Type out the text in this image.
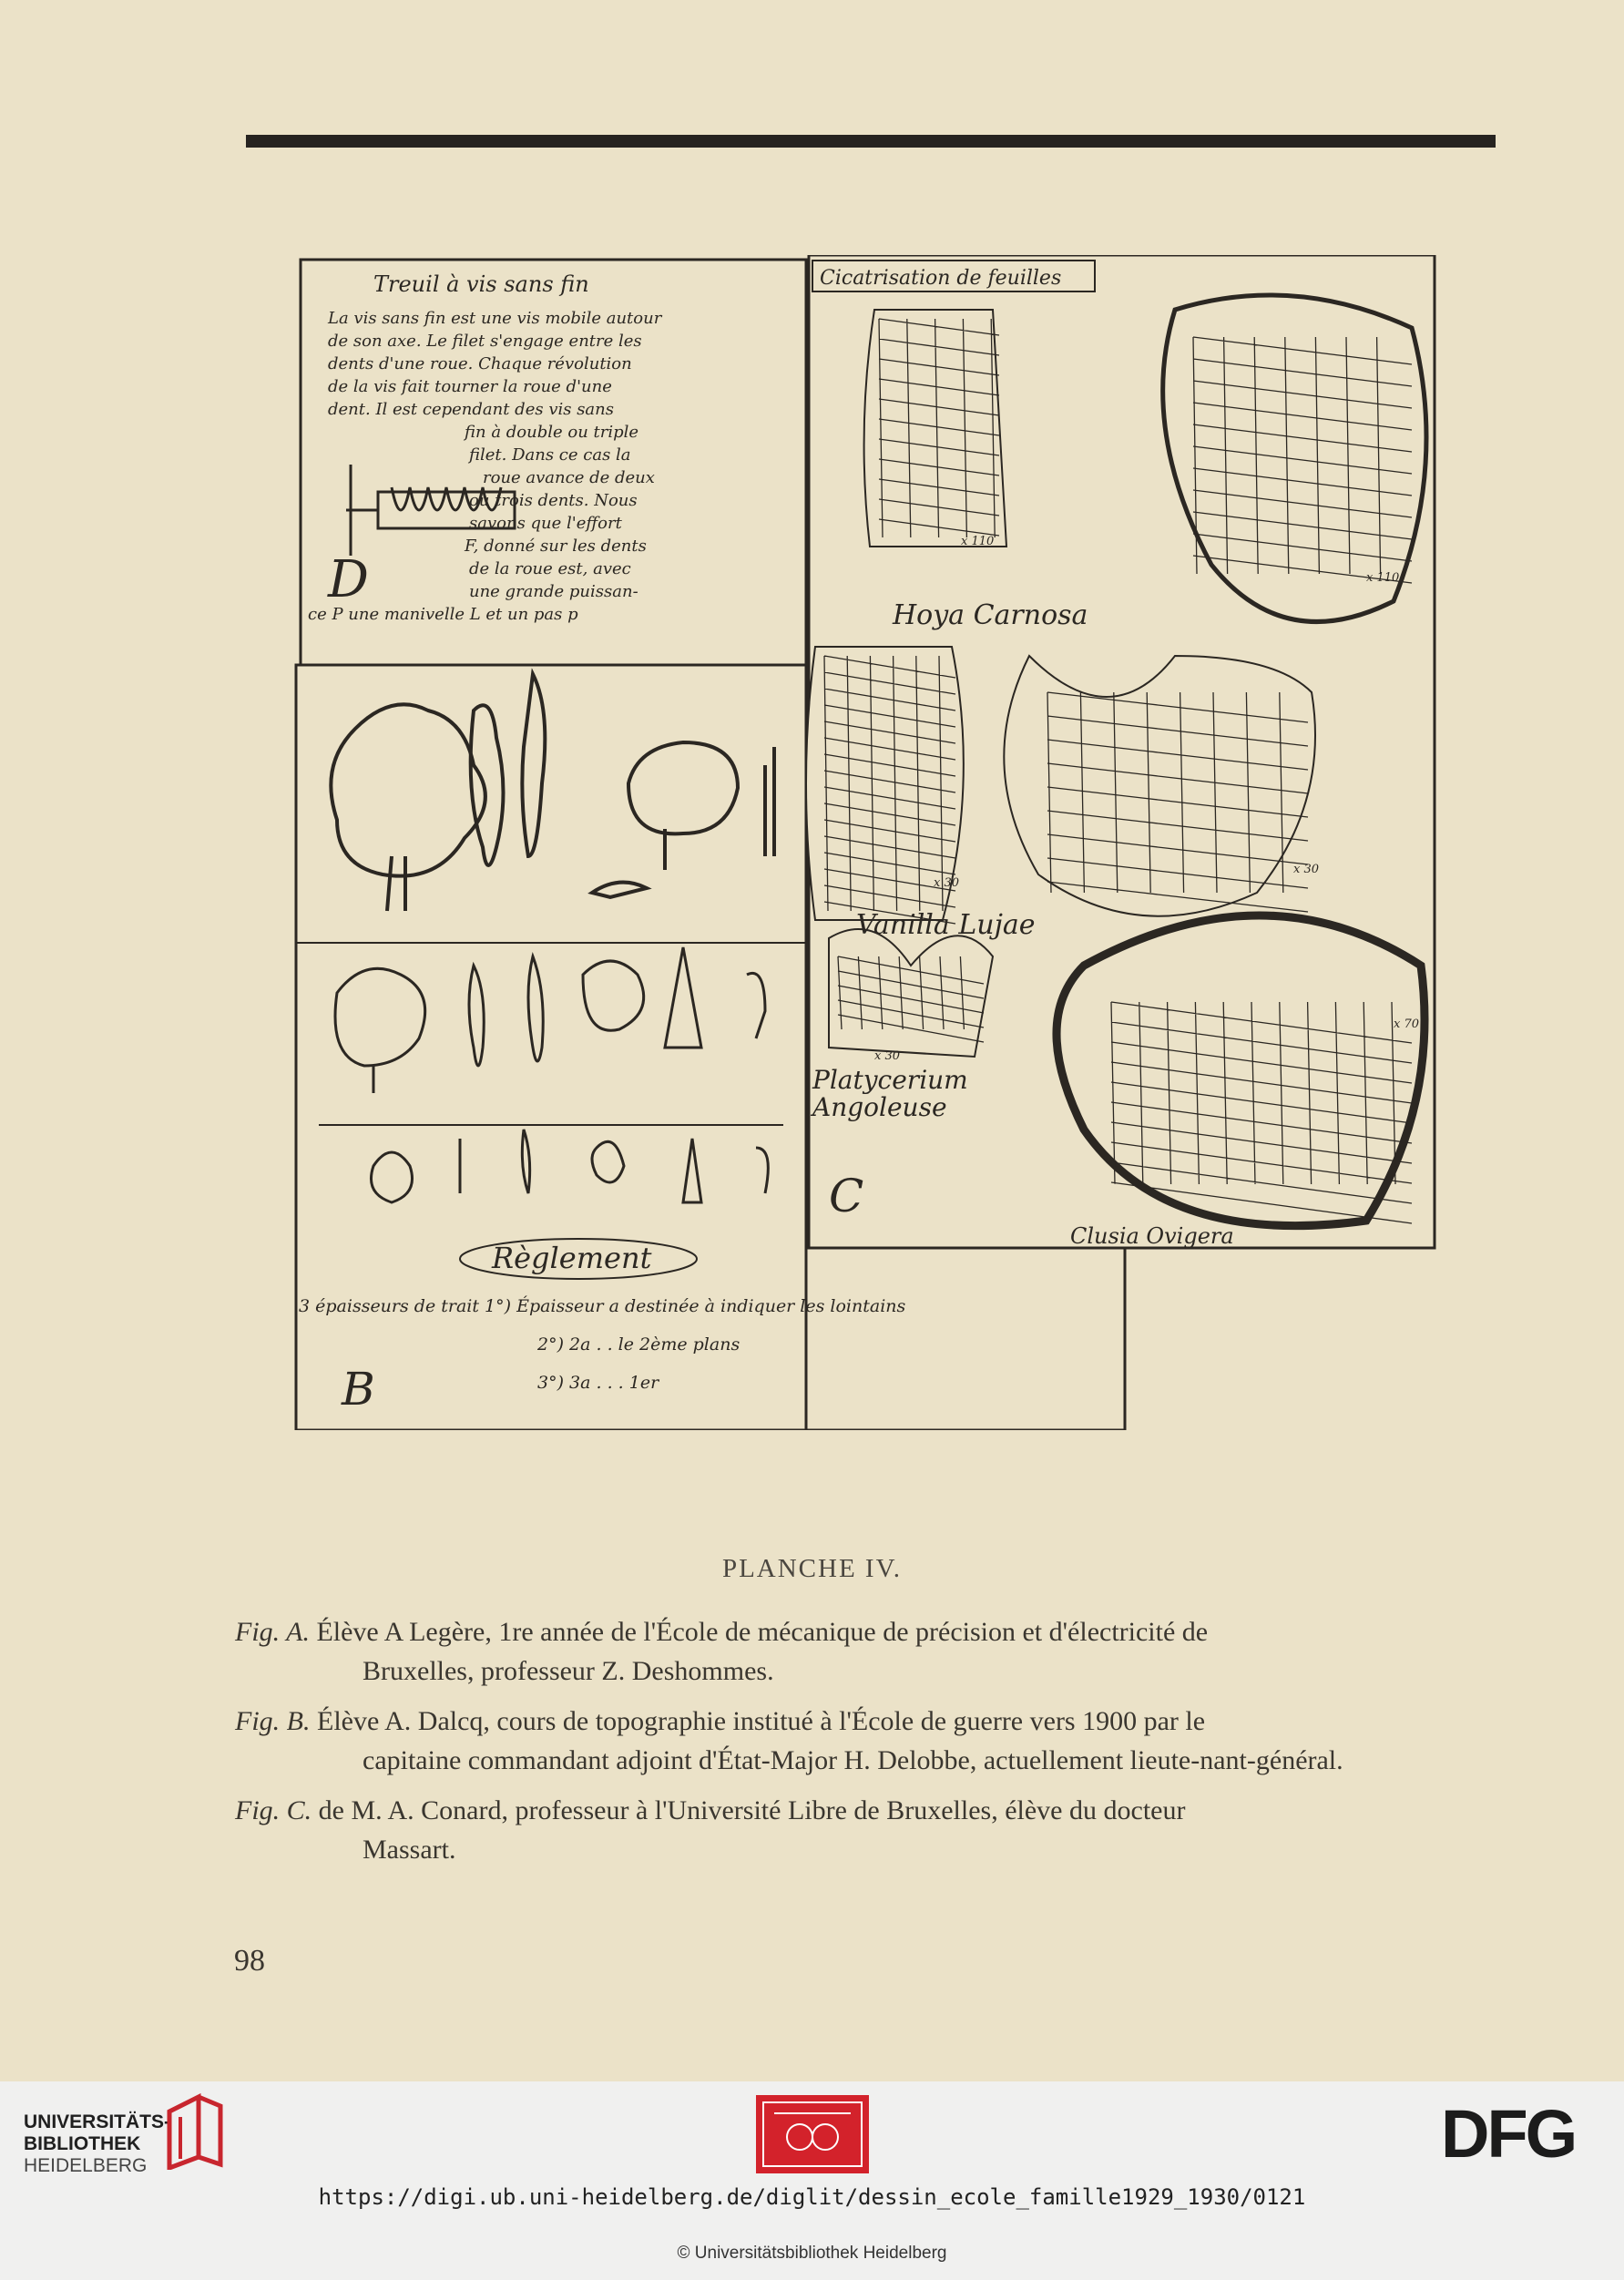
Treuil à vis sans fin
La vis sans fin est une vis mobile autour
de son axe. Le filet s'engage entre les
dents d'une roue. Chaque révolution
de la vis fait tourner la roue d'une
dent. Il est cependant des vis sans
fin à double ou triple
filet. Dans ce cas la
roue avance de deux
ou trois dents. Nous
savons que l'effort
F, donné sur les dents
de la roue est, avec
une grande puissan-
ce P une manivelle L et un pas p
D
Règlement
3 épaisseurs de trait 1°) Épaisseur a destinée à indiquer les lointains
2°) 2a . . le 2ème plans
3°) 3a . . . 1er
B
Cicatrisation de feuilles
Hoya Carnosa
Vanilla Lujae
Platycerium
Angoleuse
Clusia Ovigera
x 110
x 110
x 30
x 30
x 30
x 70
C
PLANCHE IV.
Fig. A. Élève A Legère, 1re année de l'École de mécanique de précision et d'électricité de
Bruxelles, professeur Z. Deshommes.
Fig. B. Élève A. Dalcq, cours de topographie institué à l'École de guerre vers 1900 par le
capitaine commandant adjoint d'État-Major H. Delobbe, actuellement lieute-nant-général.
Fig. C. de M. A. Conard, professeur à l'Université Libre de Bruxelles, élève du docteur
Massart.
98
UNIVERSITÄTS-
BIBLIOTHEK
HEIDELBERG	DFG
https://digi.ub.uni-heidelberg.de/diglit/dessin_ecole_famille1929_1930/0121
© Universitätsbibliothek Heidelberg
